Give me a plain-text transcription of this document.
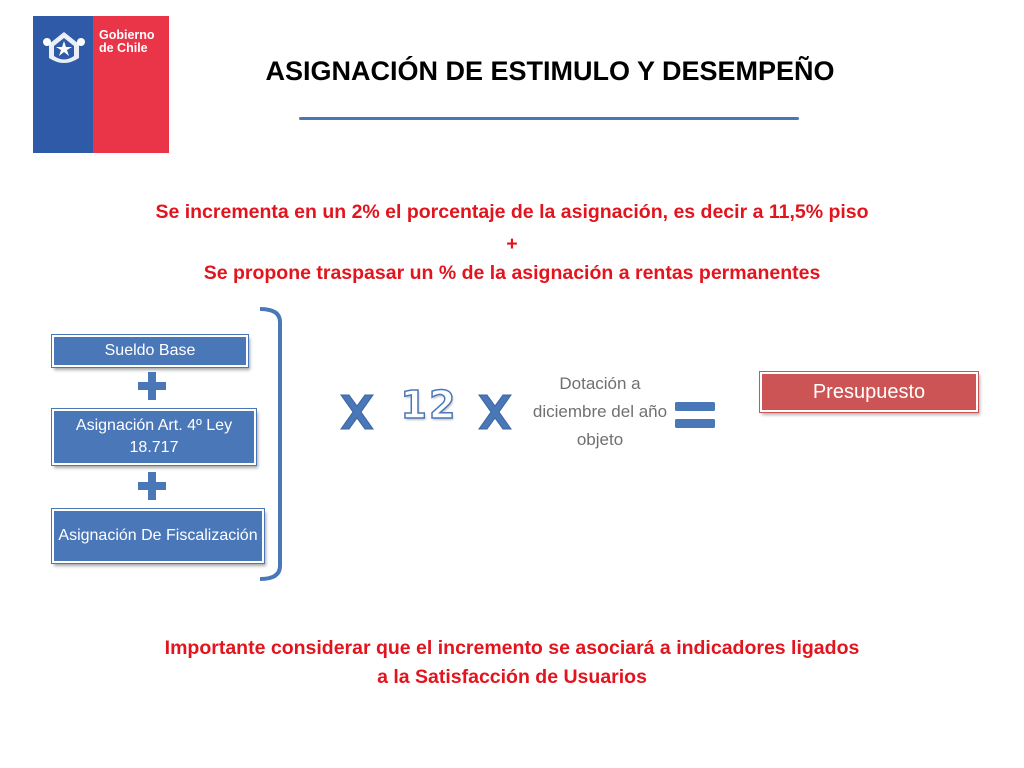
Gobierno
de Chile
ASIGNACIÓN DE ESTIMULO Y DESEMPEÑO
Se incrementa en un 2% el porcentaje de la asignación, es decir a 11,5% piso
+
Se propone traspasar un % de la asignación a rentas permanentes
Sueldo Base
Asignación Art. 4º Ley 18.717
Asignación De Fiscalización
12	Dotación a diciembre del año objeto
Presupuesto
Importante considerar que el incremento se asociará a indicadores ligados
a la Satisfacción de Usuarios
